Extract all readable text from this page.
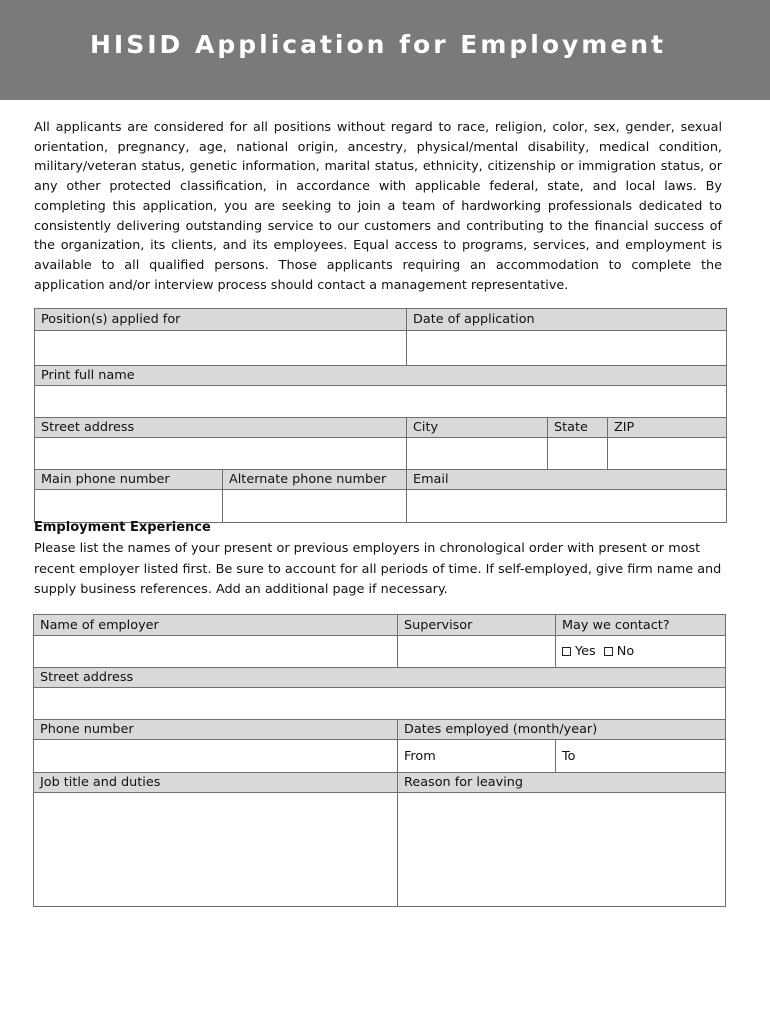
HISID Application for Employment

All applicants are considered for all positions without regard to race, religion, color, sex, gender, sexual orientation, pregnancy, age, national origin, ancestry, physical/mental disability, medical condition, military/veteran status, genetic information, marital status, ethnicity, citizenship or immigration status, or any other protected classification, in accordance with applicable federal, state, and local laws. By completing this application, you are seeking to join a team of hardworking professionals dedicated to consistently delivering outstanding service to our customers and contributing to the financial success of the organization, its clients, and its employees. Equal access to programs, services, and employment is available to all qualified persons. Those applicants requiring an accommodation to complete the application and/or interview process should contact a management representative.

Position(s) applied for		Date of application		

Print full name				

Street address		City	State	ZIP

Main phone number	Alternate phone number	Email		

Employment Experience

Please list the names of your present or previous employers in chronological order with present or most recent employer listed first. Be sure to account for all periods of time. If self-employed, give firm name and supply business references. Add an additional page if necessary.

Name of employer	Supervisor	May we contact?
		Yes No
Street address		

Phone number	Dates employed (month/year)	
	From	To
Job title and duties	Reason for leaving	
